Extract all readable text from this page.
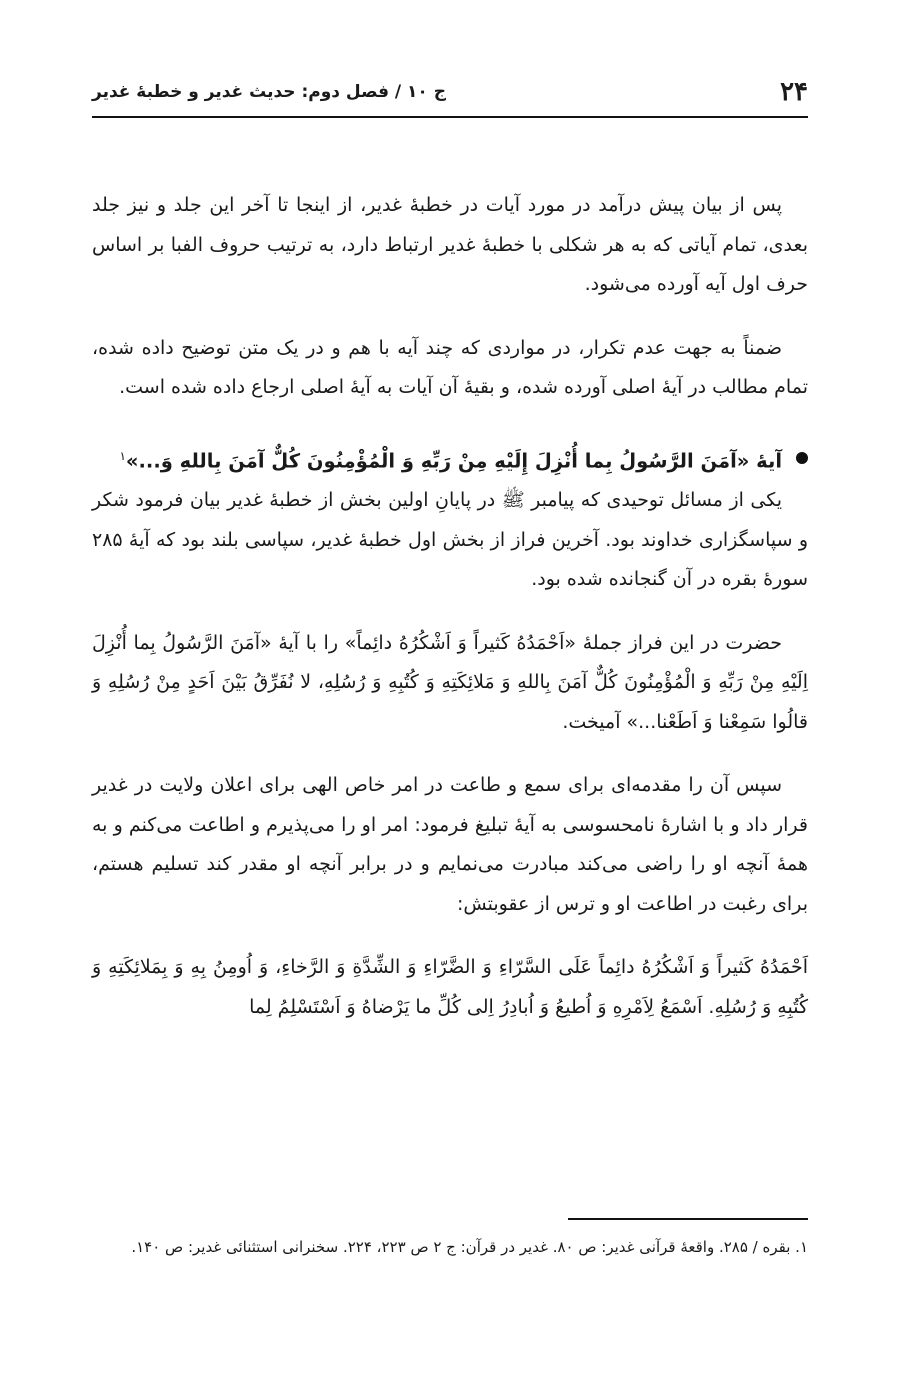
۲۴
ج ۱۰ / فصل دوم: حدیث غدیر و خطبهٔ غدیر

پس از بیان پیش درآمد در مورد آیات در خطبهٔ غدیر، از اینجا تا آخر این جلد و نیز جلد بعدی، تمام آیاتی که به هر شکلی با خطبهٔ غدیر ارتباط دارد، به ترتیب حروف الفبا بر اساس حرف اول آیه آورده می‌شود.

ضمناً به جهت عدم تکرار، در مواردی که چند آیه با هم و در یک متن توضیح داده شده، تمام مطالب در آیهٔ اصلی آورده شده، و بقیهٔ آن آیات به آیهٔ اصلی ارجاع داده شده است.

آیهٔ «آمَنَ الرَّسُولُ بِما أُنْزِلَ إِلَيْهِ مِنْ رَبِّهِ وَ الْمُؤْمِنُونَ كُلٌّ آمَنَ بِاللهِ وَ...»$^۱$

یکی از مسائل توحیدی که پیامبر ﷺ در پایانِ اولین بخش از خطبهٔ غدیر بیان فرمود شکر و سپاسگزاری خداوند بود. آخرین فراز از بخش اول خطبهٔ غدیر، سپاسی بلند بود که آیهٔ ۲۸۵ سورهٔ بقره در آن گنجانده شده بود.

حضرت در این فراز جملهٔ «اَحْمَدُهُ كَثيراً وَ اَشْكُرُهُ دائِماً» را با آیهٔ «آمَنَ الرَّسُولُ بِما أُنْزِلَ اِلَيْهِ مِنْ رَبِّهِ وَ الْمُؤْمِنُونَ كُلٌّ آمَنَ بِاللهِ وَ مَلائِكَتِهِ وَ كُتُبِهِ وَ رُسُلِهِ، لا نُفَرِّقُ بَيْنَ اَحَدٍ مِنْ رُسُلِهِ وَ قالُوا سَمِعْنا وَ اَطَعْنا...» آمیخت.

سپس آن را مقدمه‌ای برای سمع و طاعت در امر خاص الهی برای اعلان ولایت در غدیر قرار داد و با اشارهٔ نامحسوسی به آیهٔ تبلیغ فرمود: امر او را می‌پذیرم و اطاعت می‌کنم و به همهٔ آنچه او را راضی می‌کند مبادرت می‌نمایم و در برابر آنچه او مقدر کند تسلیم هستم، برای رغبت در اطاعت او و ترس از عقوبتش:

اَحْمَدُهُ كَثيراً وَ اَشْكُرُهُ دائِماً عَلَى السَّرّاءِ وَ الضَّرّاءِ وَ الشِّدَّةِ وَ الرَّخاءِ، وَ اُومِنُ بِهِ وَ بِمَلائِكَتِهِ وَ كُتُبِهِ وَ رُسُلِهِ. اَسْمَعُ لِاَمْرِهِ وَ اُطيعُ وَ اُبادِرُ اِلى كُلِّ ما يَرْضاهُ وَ اَسْتَسْلِمُ لِما

۱. بقره / ۲۸۵. واقعهٔ قرآنی غدیر: ص ۸۰. غدیر در قرآن: ج ۲ ص ۲۲۳، ۲۲۴. سخنرانی استثنائی غدیر: ص ۱۴۰.
